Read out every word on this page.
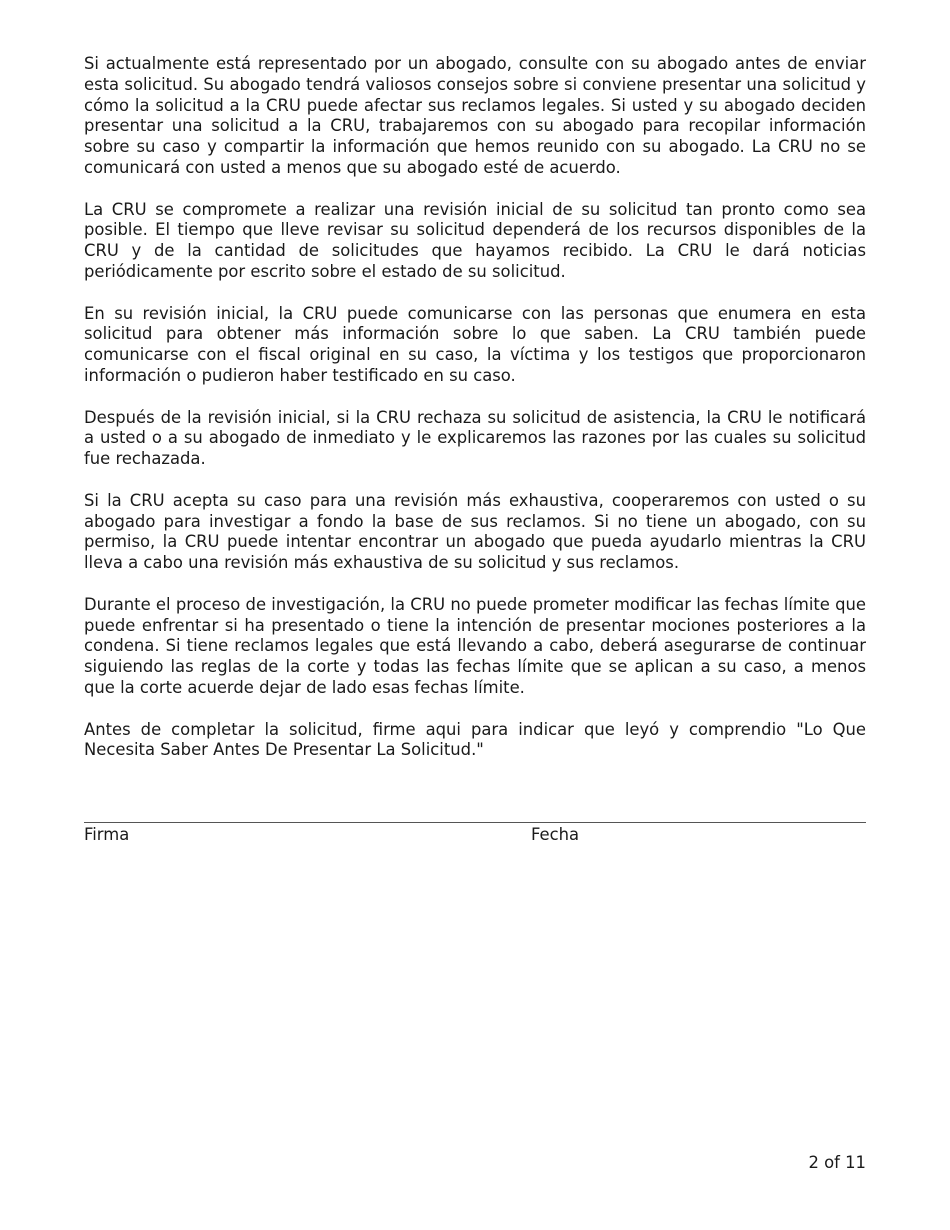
Si actualmente está representado por un abogado, consulte con su abogado antes de enviar esta solicitud. Su abogado tendrá valiosos consejos sobre si conviene presentar una solicitud y cómo la solicitud a la CRU puede afectar sus reclamos legales. Si usted y su abogado deciden presentar una solicitud a la CRU, trabajaremos con su abogado para recopilar información sobre su caso y compartir la información que hemos reunido con su abogado. La CRU no se comunicará con usted a menos que su abogado esté de acuerdo.

La CRU se compromete a realizar una revisión inicial de su solicitud tan pronto como sea posible. El tiempo que lleve revisar su solicitud dependerá de los recursos disponibles de la CRU y de la cantidad de solicitudes que hayamos recibido. La CRU le dará noticias periódicamente por escrito sobre el estado de su solicitud.

En su revisión inicial, la CRU puede comunicarse con las personas que enumera en esta solicitud para obtener más información sobre lo que saben. La CRU también puede comunicarse con el fiscal original en su caso, la víctima y los testigos que proporcionaron información o pudieron haber testificado en su caso.

Después de la revisión inicial, si la CRU rechaza su solicitud de asistencia, la CRU le notificará a usted o a su abogado de inmediato y le explicaremos las razones por las cuales su solicitud fue rechazada.

Si la CRU acepta su caso para una revisión más exhaustiva, cooperaremos con usted o su abogado para investigar a fondo la base de sus reclamos. Si no tiene un abogado, con su permiso, la CRU puede intentar encontrar un abogado que pueda ayudarlo mientras la CRU lleva a cabo una revisión más exhaustiva de su solicitud y sus reclamos.

Durante el proceso de investigación, la CRU no puede prometer modificar las fechas límite que puede enfrentar si ha presentado o tiene la intención de presentar mociones posteriores a la condena. Si tiene reclamos legales que está llevando a cabo, deberá asegurarse de continuar siguiendo las reglas de la corte y todas las fechas límite que se aplican a su caso, a menos que la corte acuerde dejar de lado esas fechas límite.

Antes de completar la solicitud, firme aqui para indicar que leyó y comprendio "Lo Que Necesita Saber Antes De Presentar La Solicitud."

Firma	Fecha
2 of 11
